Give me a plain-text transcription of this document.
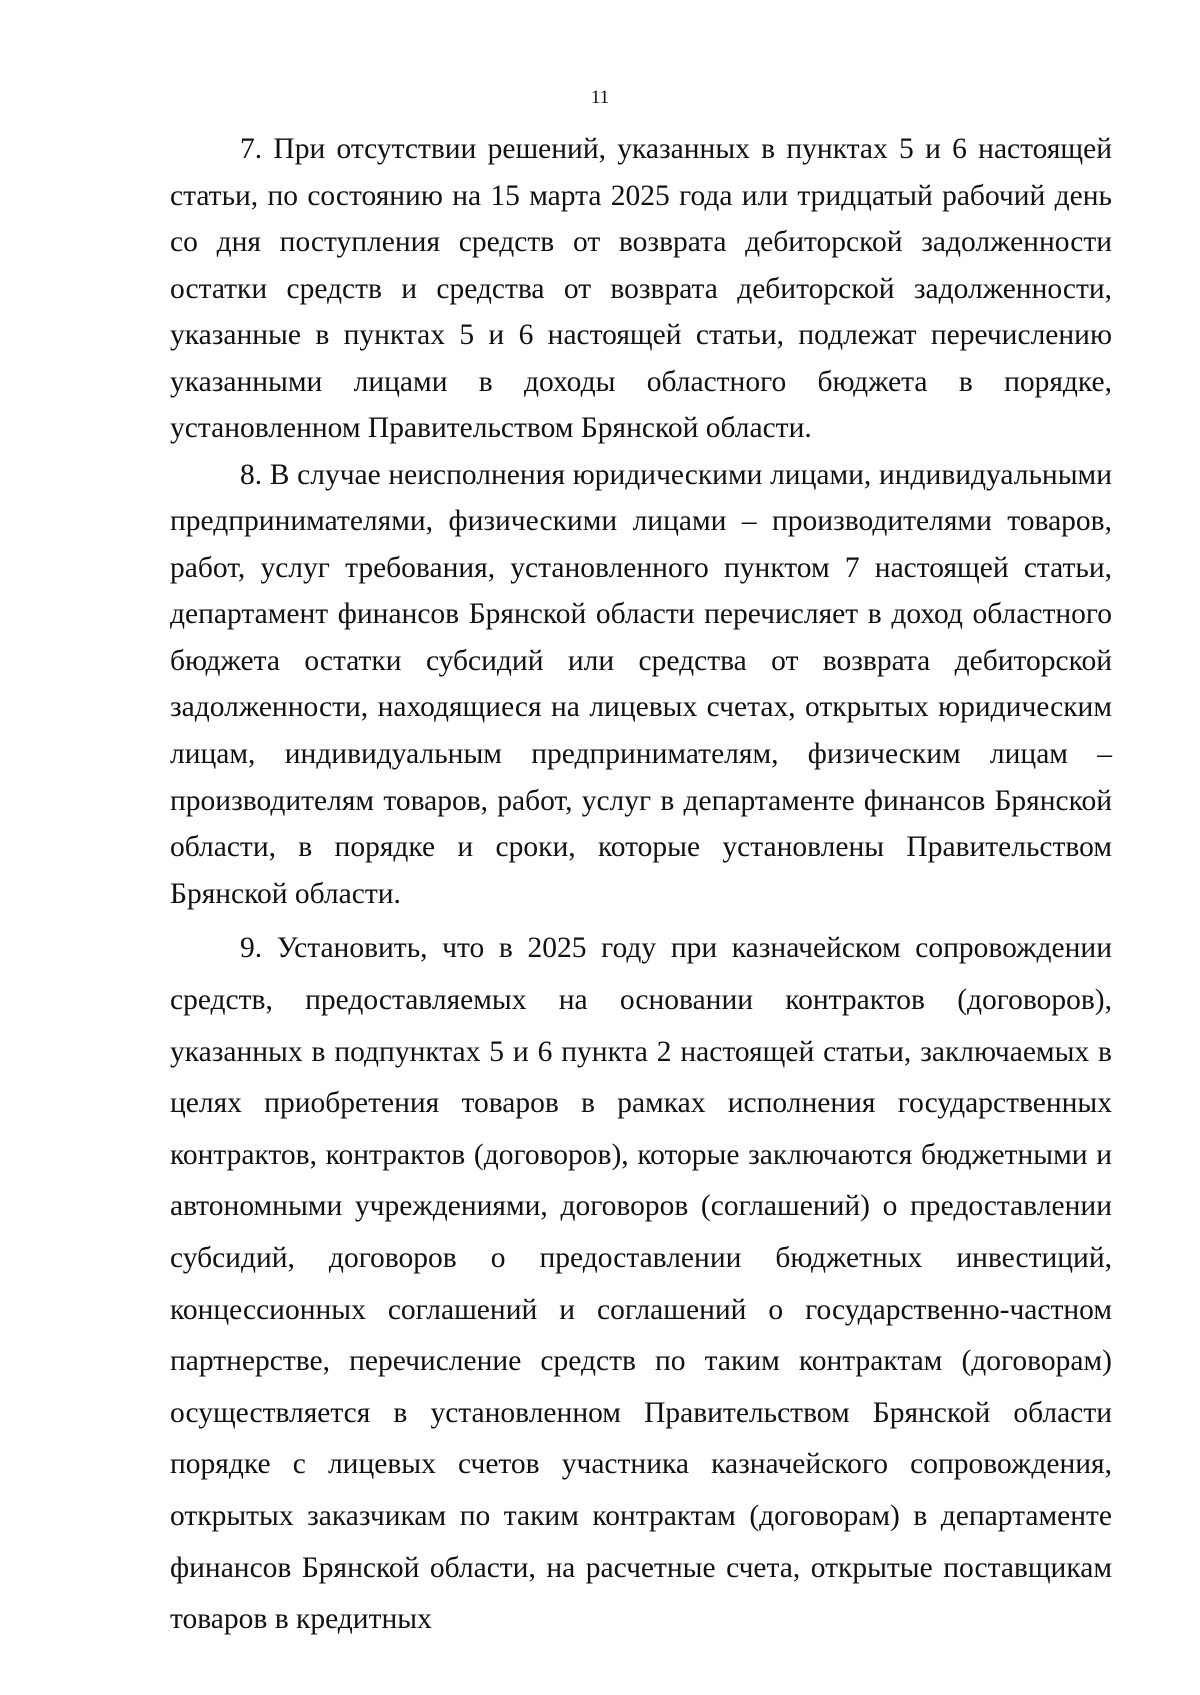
11

7. При отсутствии решений, указанных в пунктах 5 и 6 настоящей статьи, по состоянию на 15 марта 2025 года или тридцатый рабочий день со дня поступления средств от возврата дебиторской задолженности остатки средств и средства от возврата дебиторской задолженности, указанные в пунктах 5 и 6 настоящей статьи, подлежат перечислению указанными лицами в доходы областного бюджета в порядке, установленном Правительством Брянской области.

8. В случае неисполнения юридическими лицами, индивидуальными предпринимателями, физическими лицами – производителями товаров, работ, услуг требования, установленного пунктом 7 настоящей статьи, департамент финансов Брянской области перечисляет в доход областного бюджета остатки субсидий или средства от возврата дебиторской задолженности, находящиеся на лицевых счетах, открытых юридическим лицам, индивидуальным предпринимателям, физическим лицам – производителям товаров, работ, услуг в департаменте финансов Брянской области, в порядке и сроки, которые установлены Правительством Брянской области.

9. Установить, что в 2025 году при казначейском сопровождении средств, предоставляемых на основании контрактов (договоров), указанных в подпунктах 5 и 6 пункта 2 настоящей статьи, заключаемых в целях приобретения товаров в рамках исполнения государственных контрактов, контрактов (договоров), которые заключаются бюджетными и автономными учреждениями, договоров (соглашений) о предоставлении субсидий, договоров о предоставлении бюджетных инвестиций, концессионных соглашений и соглашений о государственно-частном партнерстве, перечисление средств по таким контрактам (договорам) осуществляется в установленном Правительством Брянской области порядке с лицевых счетов участника казначейского сопровождения, открытых заказчикам по таким контрактам (договорам) в департаменте финансов Брянской области, на расчетные счета, открытые поставщикам товаров в кредитных
